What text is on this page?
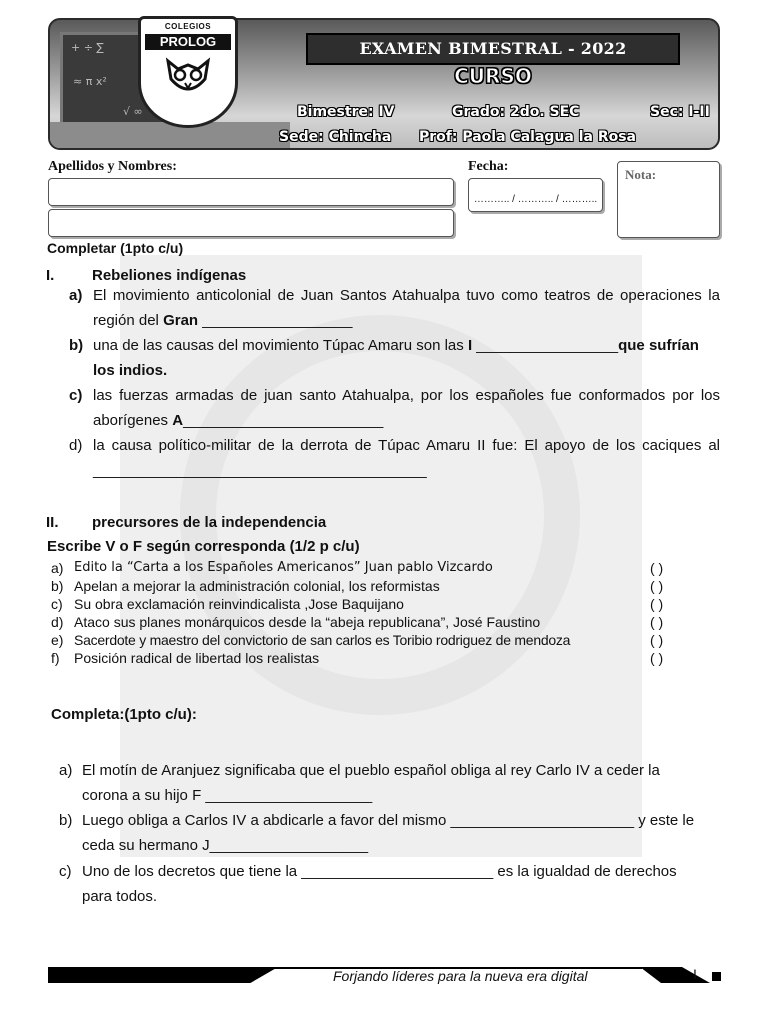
+ ÷ ∑
≈ π x²
√ ∞
EXAMEN BIMESTRAL - 2022
CURSO
Bimestre: IV	Grado: 2do. SEC	Sec: I-II
Sede: Chincha Prof: Paola Calagua la Rosa
COLEGIOS
PROLOG
Apellidos y Nombres:	Fecha:
……….. / ……….. / ………..
Nota:
Completar (1pto c/u)
I.	Rebeliones indígenas
a) El movimiento anticolonial de Juan Santos Atahualpa tuvo como teatros de operaciones la
región del Gran __________________
b) una de las causas del movimiento Túpac Amaru son las I _________________que sufrían
los indios.
c) las fuerzas armadas de juan santo Atahualpa, por los españoles fue conformados por los
aborígenes A________________________
d) la causa político-militar de la derrota de Túpac Amaru II fue: El apoyo de los caciques al
________________________________________
II. precursores de la independencia
Escribe V o F según corresponda (1/2 p c/u)
a) Edito la “Carta a los Españoles Americanos” Juan pablo Vizcardo	( )
b) Apelan a mejorar la administración colonial, los reformistas	( )
c) Su obra exclamación reinvindicalista ,Jose Baquijano	( )
d) Ataco sus planes monárquicos desde la “abeja republicana”, José Faustino	( )
e) Sacerdote y maestro del convictorio de san carlos es Toribio rodriguez de mendoza	( )
f) Posición radical de libertad los realistas	( )
Completa:(1pto c/u):
a) El motín de Aranjuez significaba que el pueblo español obliga al rey Carlo IV a ceder la
corona a su hijo F ____________________
b) Luego obliga a Carlos IV a abdicarle a favor del mismo ______________________ y este le
ceda su hermano J___________________
c) Uno de los decretos que tiene la _______________________ es la igualdad de derechos
para todos.
Forjando líderes para la nueva era digital	I
